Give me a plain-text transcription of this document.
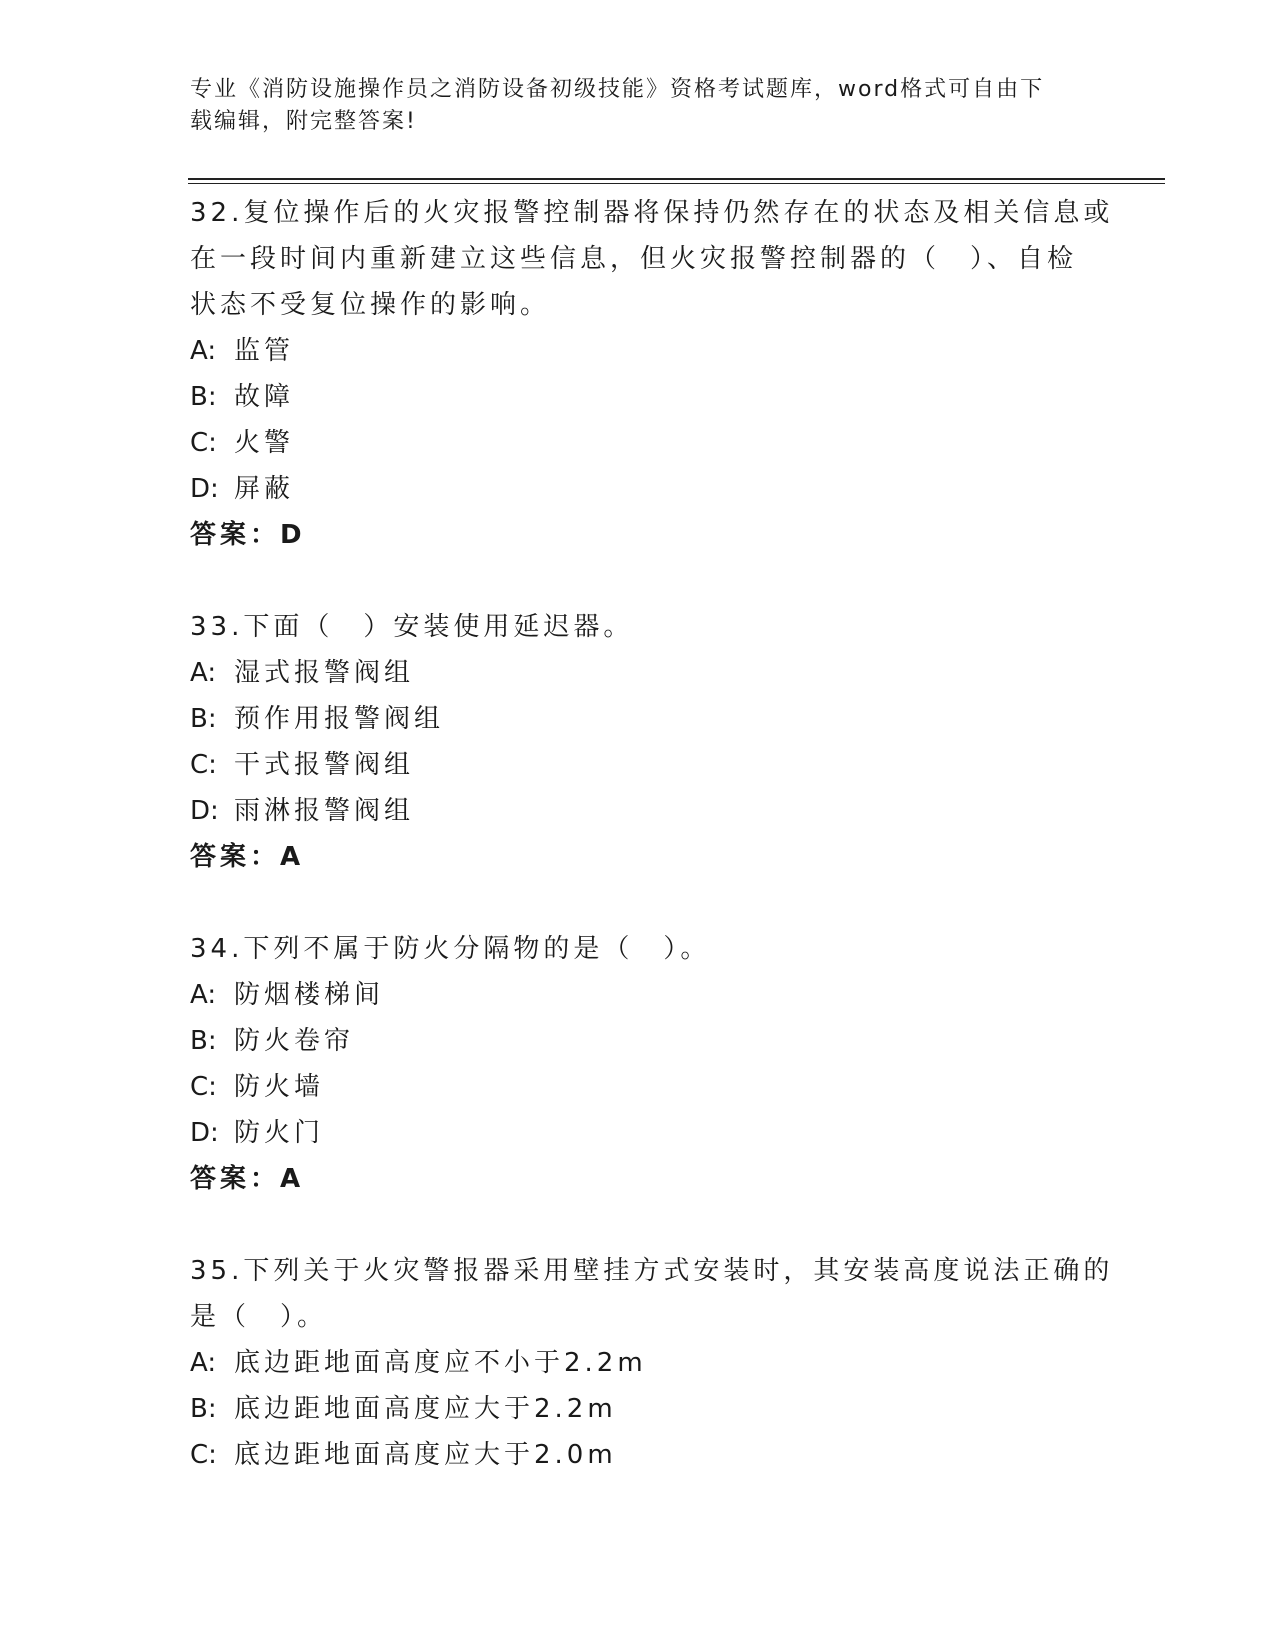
专业《消防设施操作员之消防设备初级技能》资格考试题库，word格式可自由下
载编辑，附完整答案!
32.复位操作后的火灾报警控制器将保持仍然存在的状态及相关信息或
在一段时间内重新建立这些信息，但火灾报警控制器的（　）、自检
状态不受复位操作的影响。
A: 监管
B: 故障
C: 火警
D: 屏蔽
答案：D
33.下面（　）安装使用延迟器。
A: 湿式报警阀组
B: 预作用报警阀组
C: 干式报警阀组
D: 雨淋报警阀组
答案：A
34.下列不属于防火分隔物的是（　）。
A: 防烟楼梯间
B: 防火卷帘
C: 防火墙
D: 防火门
答案：A
35.下列关于火灾警报器采用壁挂方式安装时，其安装高度说法正确的
是（　）。
A: 底边距地面高度应不小于2.2m
B: 底边距地面高度应大于2.2m
C: 底边距地面高度应大于2.0m
